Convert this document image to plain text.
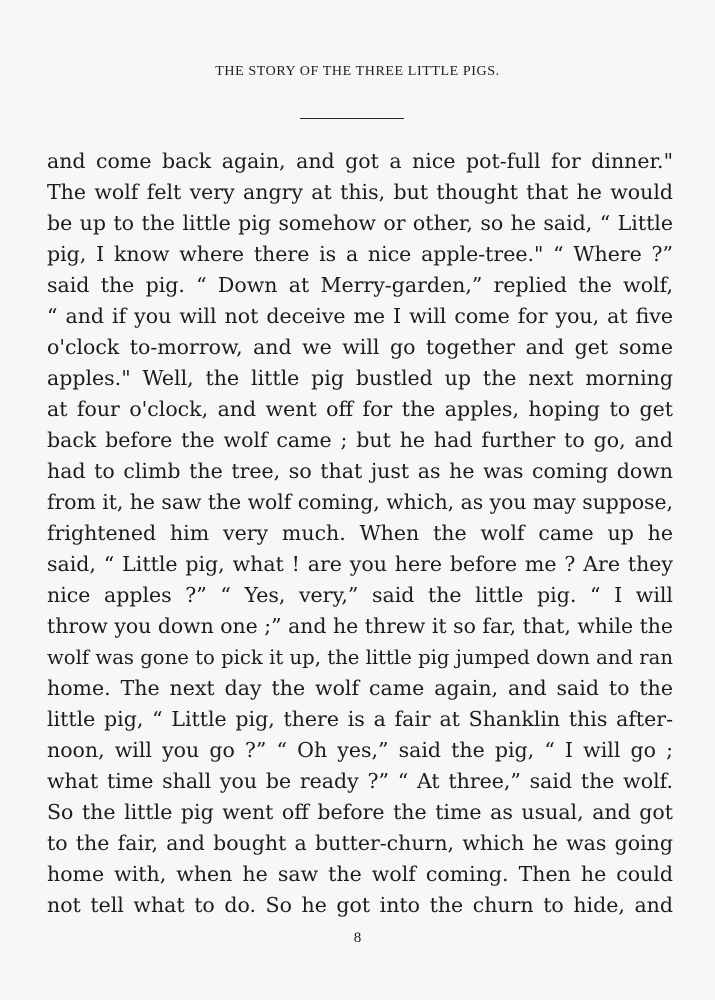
THE STORY OF THE THREE LITTLE PIGS.
and come back again, and got a nice pot-full for dinner."
The wolf felt very angry at this, but thought that he would
be up to the little pig somehow or other, so he said, “ Little
pig, I know where there is a nice apple-tree." “ Where ?”
said the pig. “ Down at Merry-garden,” replied the wolf,
“ and if you will not deceive me I will come for you, at five
o'clock to-morrow, and we will go together and get some
apples." Well, the little pig bustled up the next morning
at four o'clock, and went off for the apples, hoping to get
back before the wolf came ; but he had further to go, and
had to climb the tree, so that just as he was coming down
from it, he saw the wolf coming, which, as you may suppose,
frightened him very much. When the wolf came up he
said, “ Little pig, what ! are you here before me ? Are they
nice apples ?” “ Yes, very,” said the little pig. “ I will
throw you down one ;” and he threw it so far, that, while the
wolf was gone to pick it up, the little pig jumped down and ran
home. The next day the wolf came again, and said to the
little pig, “ Little pig, there is a fair at Shanklin this after-
noon, will you go ?” “ Oh yes,” said the pig, “ I will go ;
what time shall you be ready ?” “ At three,” said the wolf.
So the little pig went off before the time as usual, and got
to the fair, and bought a butter-churn, which he was going
home with, when he saw the wolf coming. Then he could
not tell what to do. So he got into the churn to hide, and
8
